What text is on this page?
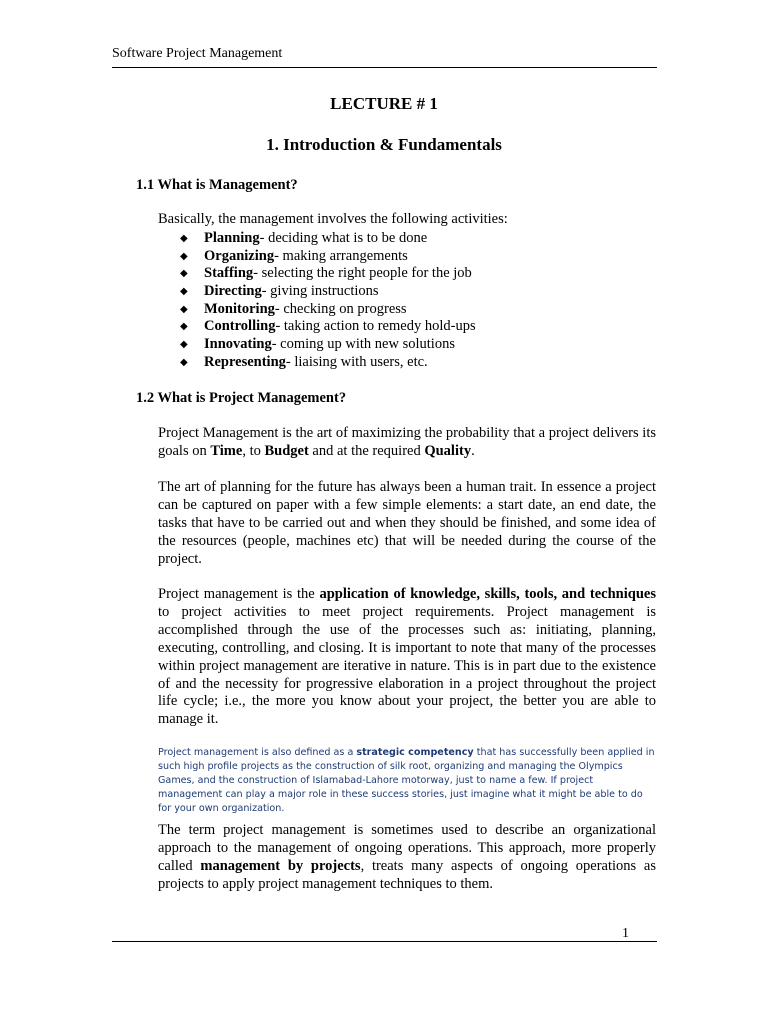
Software Project Management
LECTURE # 1
1. Introduction & Fundamentals
1.1 What is Management?
Basically, the management involves the following activities:
◆ Planning- deciding what is to be done
◆ Organizing- making arrangements
◆ Staffing- selecting the right people for the job
◆ Directing- giving instructions
◆ Monitoring- checking on progress
◆ Controlling- taking action to remedy hold-ups
◆ Innovating- coming up with new solutions
◆ Representing- liaising with users, etc.
1.2 What is Project Management?

Project Management is the art of maximizing the probability that a project delivers its goals on Time, to Budget and at the required Quality.

The art of planning for the future has always been a human trait. In essence a project can be captured on paper with a few simple elements: a start date, an end date, the tasks that have to be carried out and when they should be finished, and some idea of the resources (people, machines etc) that will be needed during the course of the project.

Project management is the application of knowledge, skills, tools, and techniques to project activities to meet project requirements. Project management is accomplished through the use of the processes such as: initiating, planning, executing, controlling, and closing. It is important to note that many of the processes within project management are iterative in nature. This is in part due to the existence of and the necessity for progressive elaboration in a project throughout the project life cycle; i.e., the more you know about your project, the better you are able to manage it.

Project management is also defined as a strategic competency that has successfully been applied in such high profile projects as the construction of silk root, organizing and managing the Olympics Games, and the construction of Islamabad-Lahore motorway, just to name a few. If project management can play a major role in these success stories, just imagine what it might be able to do for your own organization.

The term project management is sometimes used to describe an organizational approach to the management of ongoing operations. This approach, more properly called management by projects, treats many aspects of ongoing operations as projects to apply project management techniques to them.

1
